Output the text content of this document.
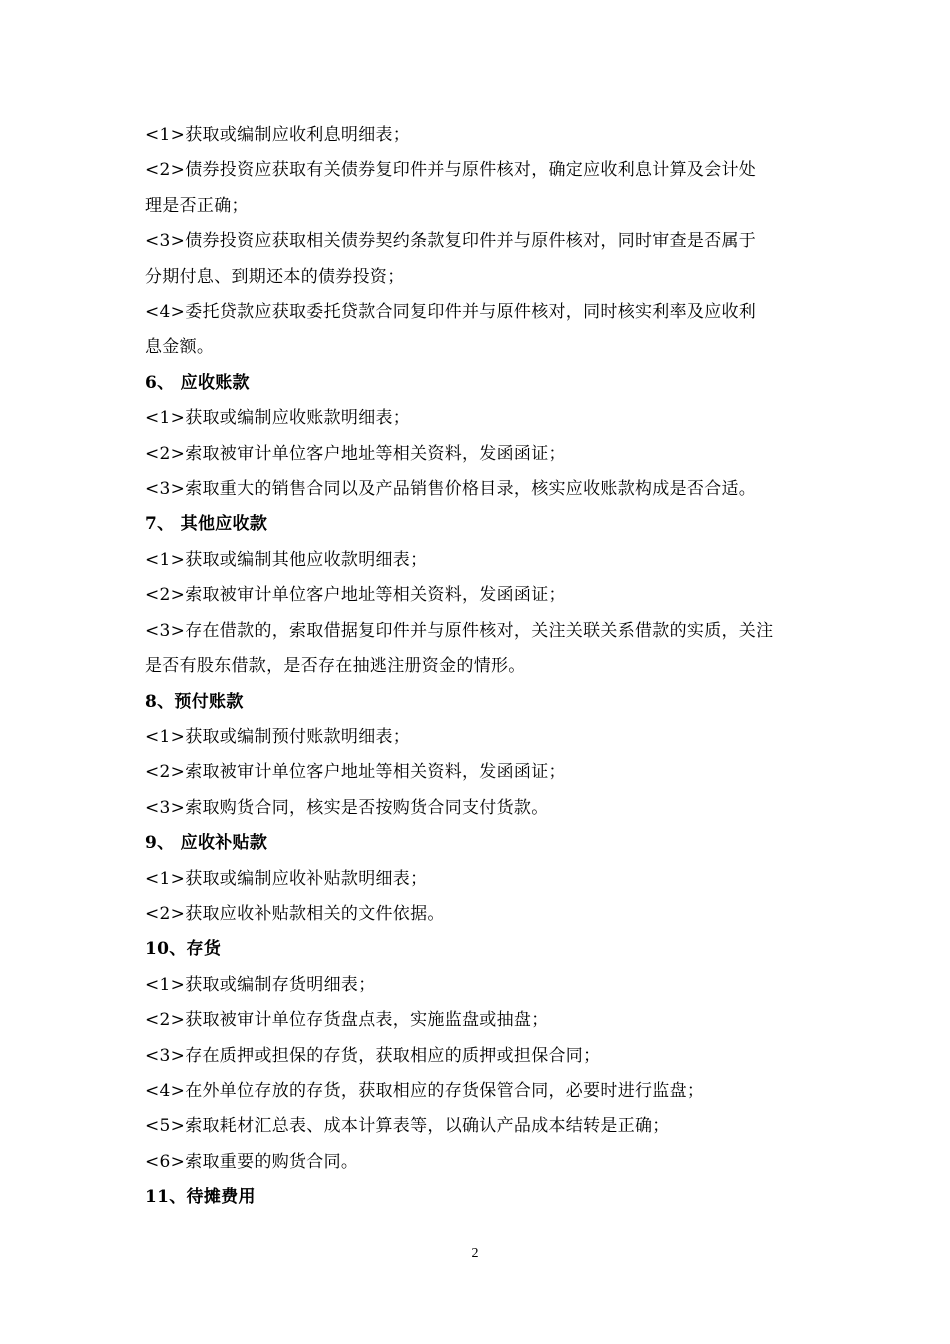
<1>获取或编制应收利息明细表；
<2>债券投资应获取有关债券复印件并与原件核对，确定应收利息计算及会计处
理是否正确；
<3>债券投资应获取相关债券契约条款复印件并与原件核对，同时审查是否属于
分期付息、到期还本的债券投资；
<4>委托贷款应获取委托贷款合同复印件并与原件核对，同时核实利率及应收利
息金额。
6、 应收账款
<1>获取或编制应收账款明细表；
<2>索取被审计单位客户地址等相关资料，发函函证；
<3>索取重大的销售合同以及产品销售价格目录，核实应收账款构成是否合适。
7、 其他应收款
<1>获取或编制其他应收款明细表；
<2>索取被审计单位客户地址等相关资料，发函函证；
<3>存在借款的，索取借据复印件并与原件核对，关注关联关系借款的实质，关注
是否有股东借款，是否存在抽逃注册资金的情形。
8、预付账款
<1>获取或编制预付账款明细表；
<2>索取被审计单位客户地址等相关资料，发函函证；
<3>索取购货合同，核实是否按购货合同支付货款。
9、 应收补贴款
<1>获取或编制应收补贴款明细表；
<2>获取应收补贴款相关的文件依据。
10、存货
<1>获取或编制存货明细表；
<2>获取被审计单位存货盘点表，实施监盘或抽盘；
<3>存在质押或担保的存货，获取相应的质押或担保合同；
<4>在外单位存放的存货，获取相应的存货保管合同，必要时进行监盘；
<5>索取耗材汇总表、成本计算表等，以确认产品成本结转是正确；
<6>索取重要的购货合同。
11、待摊费用
2
